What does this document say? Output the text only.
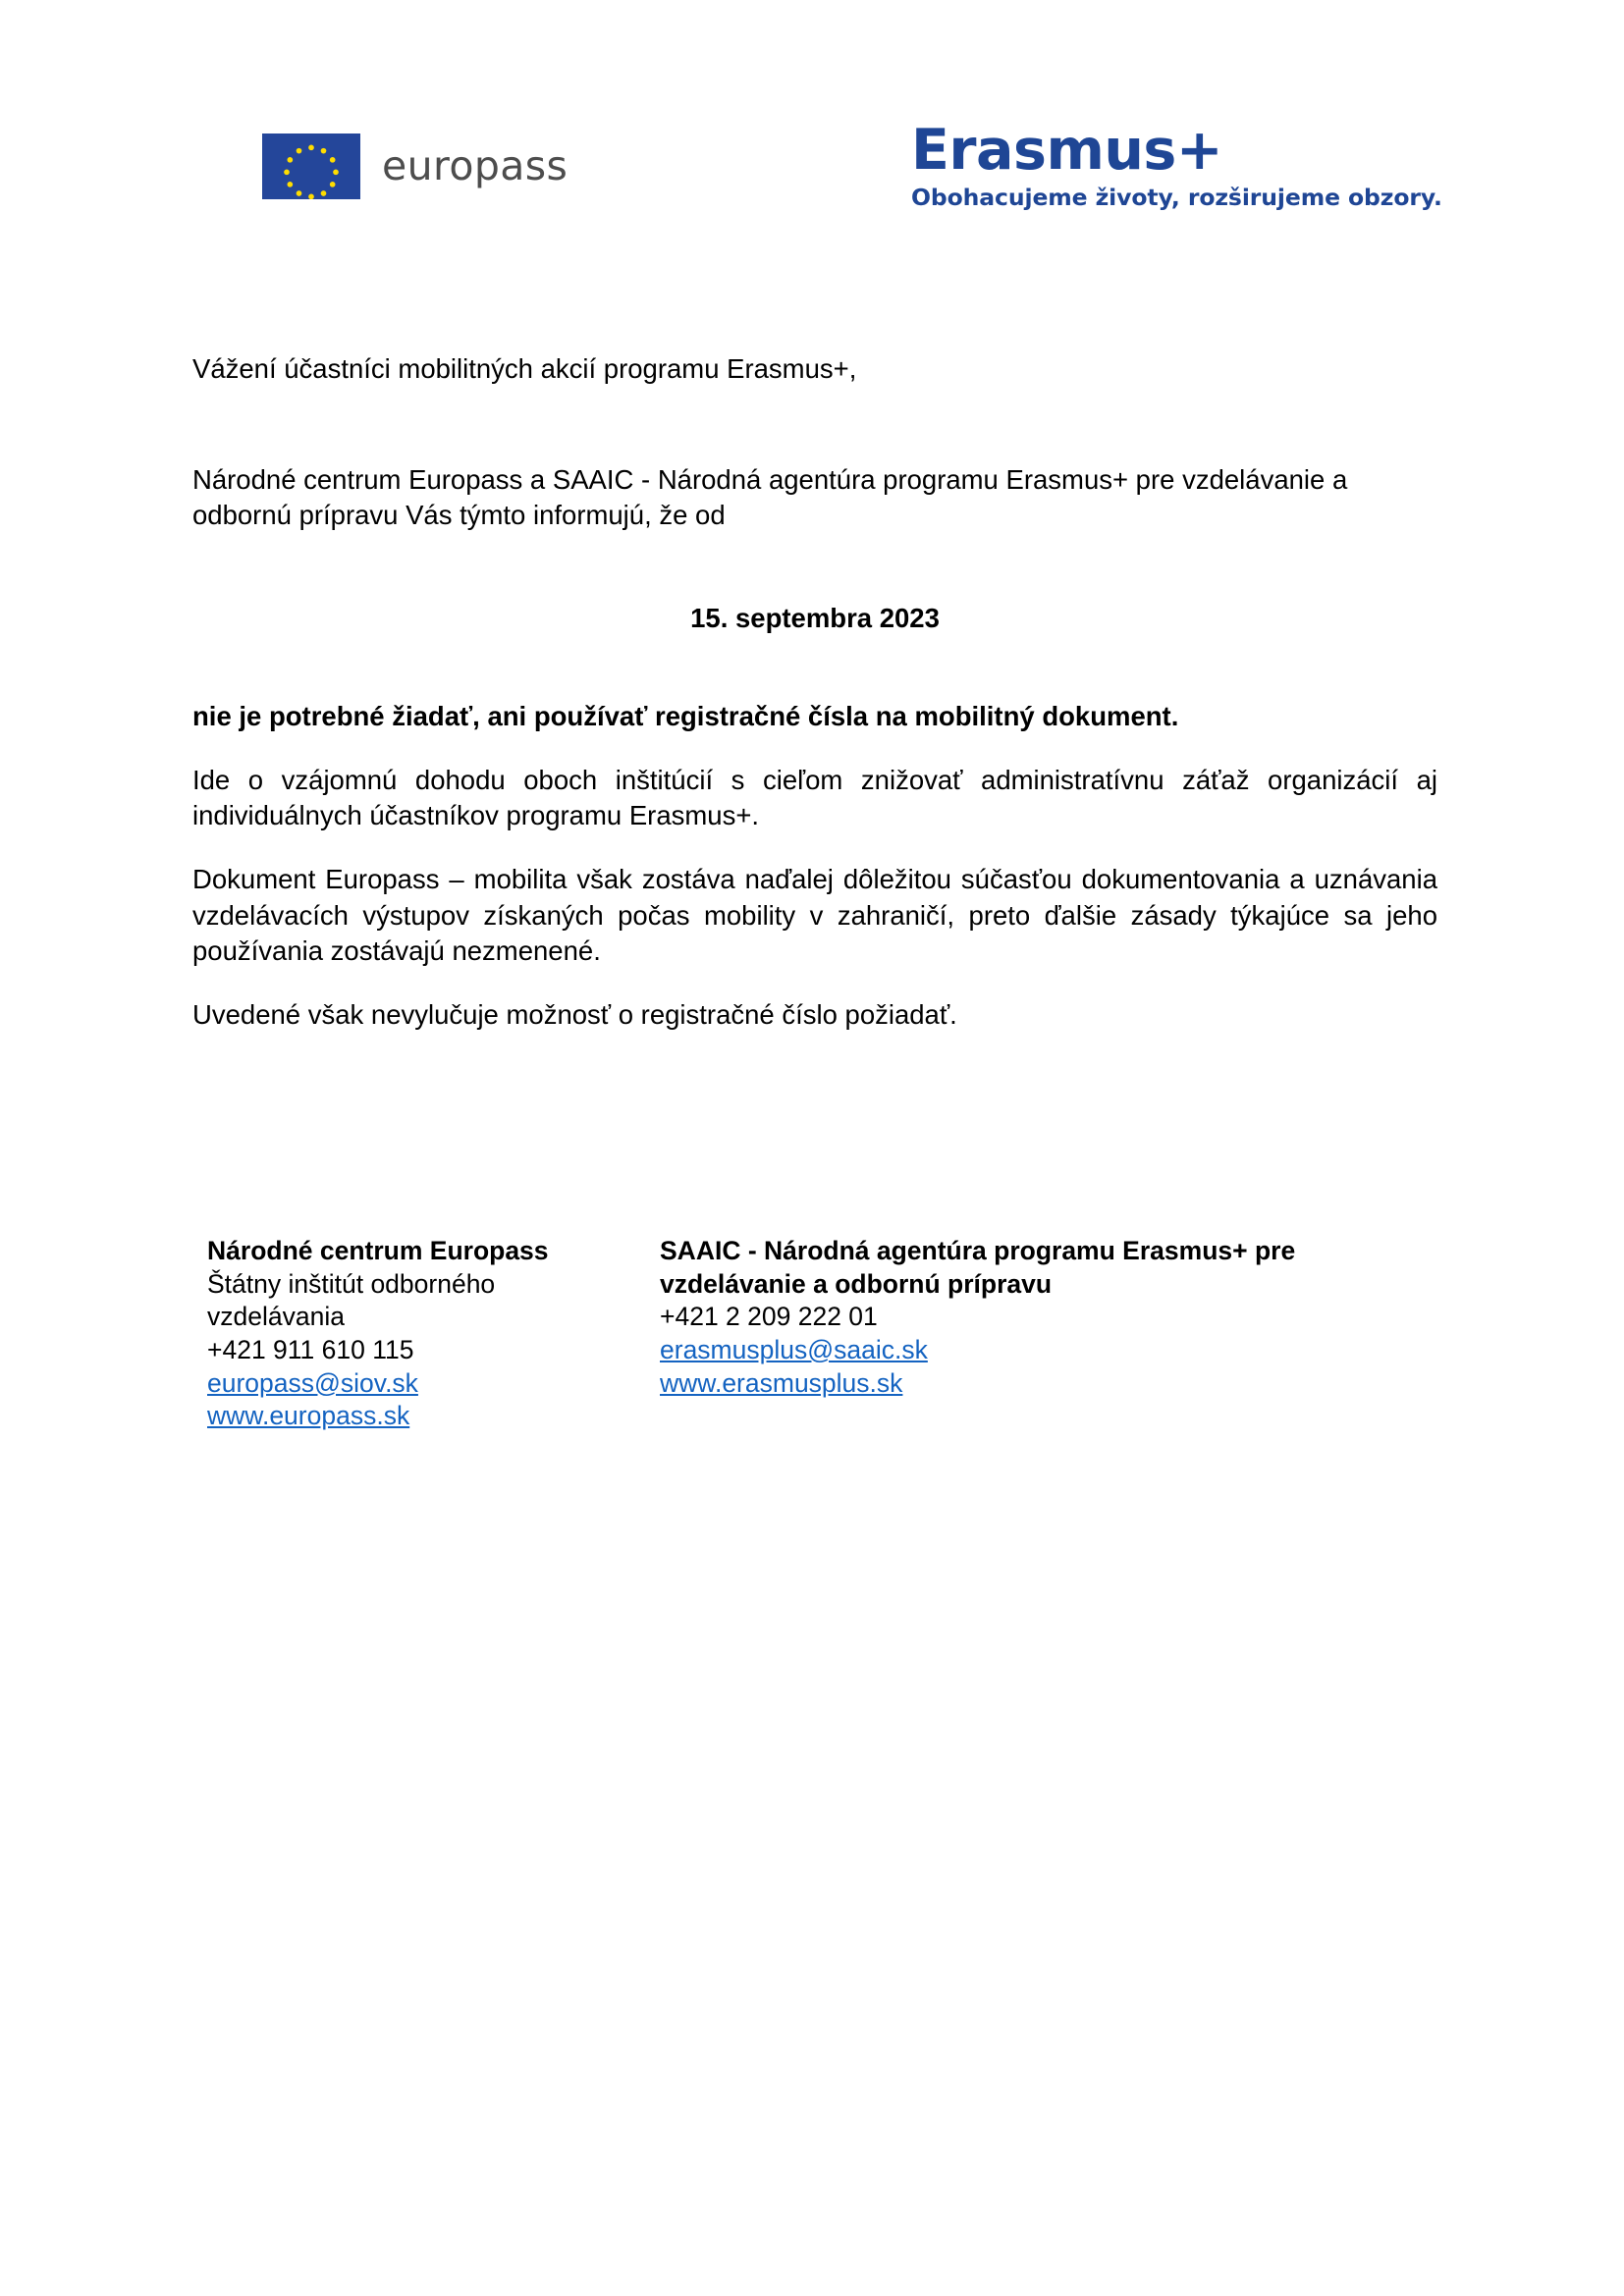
europass	Erasmus+
Obohacujeme životy, rozširujeme obzory.

Vážení účastníci mobilitných akcií programu Erasmus+,

Národné centrum Europass a SAAIC - Národná agentúra programu Erasmus+ pre vzdelávanie a odbornú prípravu Vás týmto informujú, že od

15. septembra 2023

nie je potrebné žiadať, ani používať registračné čísla na mobilitný dokument.

Ide o vzájomnú dohodu oboch inštitúcií s cieľom znižovať administratívnu záťaž organizácií aj individuálnych účastníkov programu Erasmus+.

Dokument Europass – mobilita však zostáva naďalej dôležitou súčasťou dokumentovania a uznávania vzdelávacích výstupov získaných počas mobility v zahraničí, preto ďalšie zásady týkajúce sa jeho používania zostávajú nezmenené.

Uvedené však nevylučuje možnosť o registračné číslo požiadať.

Národné centrum Europass
Štátny inštitút odborného
vzdelávania
+421 911 610 115
europass@siov.sk
www.europass.sk
SAAIC - Národná agentúra programu Erasmus+ pre vzdelávanie a odbornú prípravu
+421 2 209 222 01
erasmusplus@saaic.sk
www.erasmusplus.sk
